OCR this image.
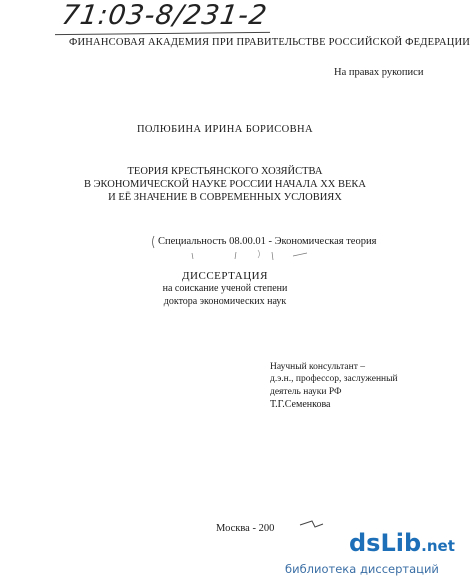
71:03-8/231-2
ФИНАНСОВАЯ АКАДЕМИЯ ПРИ ПРАВИТЕЛЬСТВЕ РОССИЙСКОЙ ФЕДЕРАЦИИ
На правах рукописи
ПОЛЮБИНА ИРИНА БОРИСОВНА
ТЕОРИЯ КРЕСТЬЯНСКОГО ХОЗЯЙСТВА
В ЭКОНОМИЧЕСКОЙ НАУКЕ РОССИИ НАЧАЛА XX ВЕКА
И ЕЁ ЗНАЧЕНИЕ В СОВРЕМЕННЫХ УСЛОВИЯХ
Специальность 08.00.01 - Экономическая теория
ДИССЕРТАЦИЯ
на соискание ученой степени
доктора экономических наук
Научный консультант –
д.э.н., профессор, заслуженный
деятель науки РФ
Т.Г.Семенкова
Москва - 200
dsLib.net
библиотека диссертаций
